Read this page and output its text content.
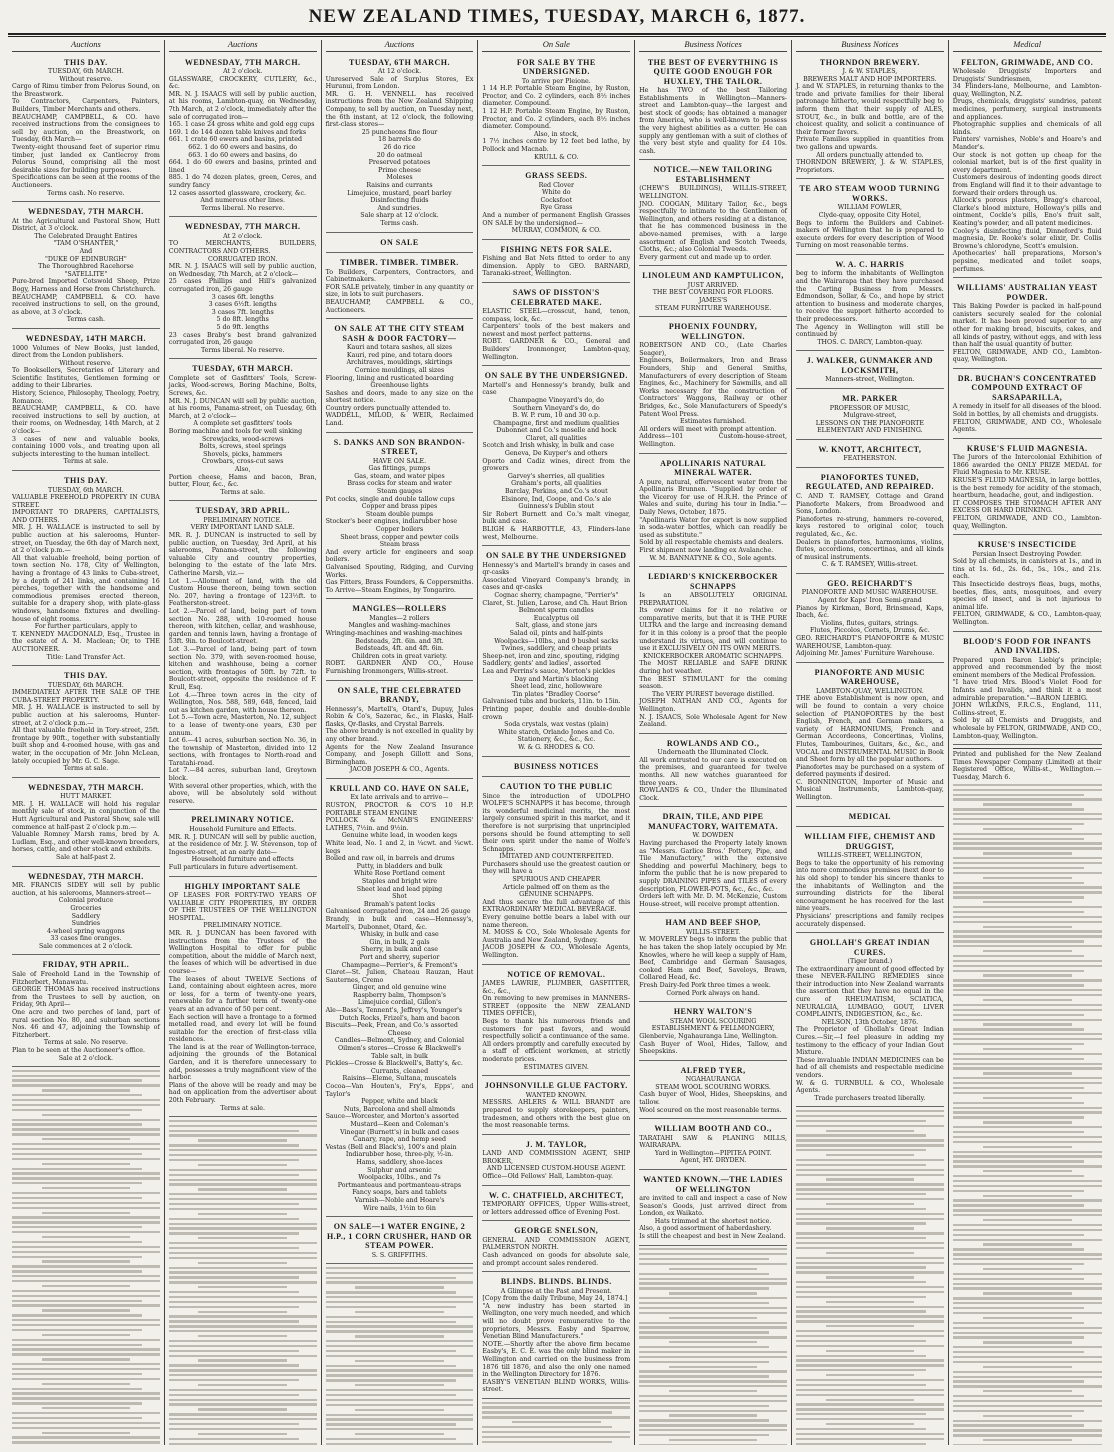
NEW ZEALAND TIMES, TUESDAY, MARCH 6, 1877.
Auctions
THIS DAY.
TUESDAY, 6th MARCH.
Without reserve.
Cargo of Rimu timber from Pelorus Sound, on the Breastwork.
To Contractors, Carpenters, Painters, Builders, Timber Merchants and others.
BEAUCHAMP, CAMPBELL, & CO. have received instructions from the consignees to sell by auction, on the Breastwork, on Tuesday, 6th March—
Twenty-eight thousand feet of superior rimu timber, just landed ex Cantlecroy from Pelorus Sound, comprising all the most desirable sizes for building purposes.
Specifications can be seen at the rooms of the Auctioneers.
Terms cash. No reserve.
WEDNESDAY, 7TH MARCH.
At the Agricultural and Pastoral Show, Hutt District, at 3 o'clock.
The Celebrated Draught Entires
"TAM O'SHANTER,"
And
"DUKE OF EDINBURGH"
The Thoroughbred Racehorse
"SATELLITE"
Pure-bred Imported Cotswold Sheep, Prize Bogy, Harness and Horse from Christchurch.
BEAUCHAMP, CAMPBELL & CO. have received instructions to sell, on the ground, as above, at 3 o'clock.
Terms cash.
WEDNESDAY, 14TH MARCH.
1000 Volumes of New Books, just landed, direct from the London publishers.
Without reserve.
To Booksellers, Secretaries of Literary and Scientific Institutes, Gentlemen forming or adding to their Libraries.
History, Science, Philosophy, Theology, Poetry, Romance.
BEAUCHAMP, CAMPBELL, & CO. have received instructions to sell by auction, at their rooms, on Wednesday, 14th March, at 2 o'clock—
3 cases of new and valuable books, containing 1000 vols., and treating upon all subjects interesting to the human intellect.
Terms at sale.
THIS DAY.
TUESDAY, 6th MARCH.
VALUABLE FREEHOLD PROPERTY IN CUBA STREET.
IMPORTANT TO DRAPERS, CAPITALISTS, AND OTHERS.
MR. J. H. WALLACE is instructed to sell by public auction at his salerooms, Hunter-street, on Tuesday, the 6th day of March next, at 2 o'clock p.m.—
All that valuable freehold, being portion of town section No. 178, City of Wellington, having a frontage of 43 links to Cuba-street, by a depth of 241 links, and containing 16 perches, together with the handsome and commodious premises erected thereon, suitable for a drapery shop, with plate-glass windows, handsome fixtures and dwelling-house of eight rooms.
For further particulars, apply to
T. KENNEDY MACDONALD, Esq., Trustee in the estate of A. M. Maclean; Or, to THE AUCTIONEER.
Title: Land Transfer Act.
THIS DAY.
TUESDAY, 6th MARCH.
IMMEDIATELY AFTER THE SALE OF THE CUBA-STREET PROPERTY.
MR. J. H. WALLACE is instructed to sell by public auction at his salerooms, Hunter-street, at 2 o'clock p.m.—
All that valuable freehold in Tory-street, 25ft. frontage by 90ft., together with substantially built shop and 4-roomed house, with gas and water, in the occupation of Mr. John McLean, lately occupied by Mr. G. C. Sage.
Terms at sale.
WEDNESDAY, 7TH MARCH.
HUTT MARKET.
MR. J. H. WALLACE will hold his regular monthly sale of stock, in conjunction of the Hutt Agricultural and Pastoral Show, sale will commence at half-past 2 o'clock p.m.—
Valuable Romney Marsh rams, bred by A. Ludlam, Esq., and other well-known breeders, horses, cattle, and other stock and exhibits.
Sale at half-past 2.
WEDNESDAY, 7TH MARCH.
MR. FRANCIS SIDEY will sell by public auction, at his salerooms, Manners-street—
Colonial produce
Groceries
Saddlery
Sundries
4-wheel spring waggons
33 cases fine oranges.
Sale commences at 2 o'clock.
FRIDAY, 9TH APRIL.
Sale of Freehold Land in the Township of Fitzherbert, Manawatu.
GEORGE THOMAS has received instructions from the Trustees to sell by auction, on Friday, 9th April—
One acre and two perches of land, part of rural section No. 80, and suburban sections Nos. 46 and 47, adjoining the Township of Fitzherbert.
Terms at sale. No reserve.
Plan to be seen at the Auctioneer's office.
Sale at 2 o'clock.
Auctions
WEDNESDAY, 7TH MARCH.
At 2 o'clock.
GLASSWARE, CROCKERY, CUTLERY, &c., &c.
MR. N. J. ISAACS will sell by public auction, at his rooms, Lambton-quay, on Wednesday, 7th March, at 2 o'clock, immediately after the sale of corrugated iron—
165. 1 case 24 gross white and gold egg cups
169. 1 do 144 dozen table knives and forks
661. 1 crate 60 ewers and basins, printed
662. 1 do 60 ewers and basins, do
663. 1 do 60 ewers and basins, do
664. 1 do 60 ewers and basins, printed and lined
885. 1 do 74 dozen plates, green, Ceres, and sundry fancy
12 cases assorted glassware, crockery, &c.
And numerous other lines.
Terms liberal. No reserve.
WEDNESDAY, 7TH MARCH.
At 2 o'clock.
TO MERCHANTS, BUILDERS, CONTRACTORS AND OTHERS.
CORRUGATED IRON.
MR. N. J. ISAACS will sell by public auction, on Wednesday, 7th March, at 2 o'clock—
25 cases Phillips and Hill's galvanized corrugated iron, 26 gauge
3 cases 6ft. lengths
3 cases 6½ft. lengths
3 cases 7ft. lengths
5 do 8ft. lengths
5 do 9ft. lengths
23 cases Braby's best brand galvanized corrugated iron, 26 gauge
Terms liberal. No reserve.
TUESDAY, 6TH MARCH.
Complete set of Gasfitters' Tools, Screw-jacks, Wood-screws, Boring Machine, Bolts, Screws, &c.
MR. N. J. DUNCAN will sell by public auction, at his rooms, Panama-street, on Tuesday, 6th March, at 2 o'clock—
A complete set gasfitters' tools
Boring machine and tools for well sinking
Screwjacks, wood-screws
Bolts, screws, steel springs
Shovels, picks, hammers
Crowbars, cross-cut saws
Also,
Portion cheese, Hams and bacon, Bran, butter, Flour, &c., &c.
Terms at sale.
TUESDAY, 3RD APRIL.
PRELIMINARY NOTICE.
VERY IMPORTANT LAND SALE.
MR. R. J. DUNCAN is instructed to sell by public auction, on Tuesday, 3rd April, at his salerooms, Panama-street, the following valuable City and country properties, belonging to the estate of the late Mrs. Catherine Marsh, viz.—
Lot 1.—Allotment of land, with the old Custom House thereon, being town section No. 207, having a frontage of 123½ft. to Featherston-street.
Lot 2.—Parcel of land, being part of town section No. 288, with 10-roomed house thereon, with kitchen, cellar, and washhouse, garden and tennis lawn, having a frontage of 53ft. 9in. to Boulcott-street.
Lot 3.—Parcel of land, being part of town section No. 379, with seven-roomed house, kitchen and washhouse, being a corner section, with frontages of 50ft. by 72ft. to Boulcott-street, opposite the residence of F. Krull, Esq.
Lot 4.—Three town acres in the city of Wellington, Nos. 588, 589, 648, fenced, laid out as kitchen garden, with house thereon.
Lot 5.—Town acre, Masterton, No. 12, subject to a lease of twenty-one years, £30 per annum.
Lot 6.—41 acres, suburban section No. 36, in the township of Masterton, divided into 12 sections, with frontages to North-road and Taratahi-road.
Lot 7.—84 acres, suburban land, Greytown block.
With several other properties, which, with the above, will be absolutely sold without reserve.
PRELIMINARY NOTICE.
Household Furniture and Effects.
MR. R. J. DUNCAN will sell by public auction, at the residence of Mr. J. W. Stevenson, top of Ingestre-street, at an early date—
Household furniture and effects
Full particulars in future advertisement.
HIGHLY IMPORTANT SALE
OF LEASES FOR FORTY-TWO YEARS OF VALUABLE CITY PROPERTIES, BY ORDER OF THE TRUSTEES OF THE WELLINGTON HOSPITAL.
PRELIMINARY NOTICE.
MR. R. J. DUNCAN has been favored with instructions from the Trustees of the Wellington Hospital to offer for public competition, about the middle of March next, the leases of which will be advertised in due course—
The leases of about TWELVE Sections of Land, containing about eighteen acres, more or less, for a term of twenty-one years, renewable for a further term of twenty-one years at an advance of 50 per cent.
Each section will have a frontage to a formed metalled road, and every lot will be found suitable for the erection of first-class villa residences.
The land is at the rear of Wellington-terrace, adjoining the grounds of the Botanical Garden, and it is therefore unnecessary to add, possesses a truly magnificent view of the harbor.
Plans of the above will be ready and may be had on application from the advertiser about 20th February.
Terms at sale.
Auctions
TUESDAY, 6TH MARCH.
At 12 o'clock.
Unreserved Sale of Surplus Stores, Ex Hurunui, from London.
MR. G. H. VENNELL has received instructions from the New Zealand Shipping Company, to sell by auction, on Tuesday next, the 6th instant, at 12 o'clock, the following first-class stores—
25 puncheons fine flour
18 barrels do
26 do rice
20 do oatmeal
Preserved potatoes
Prime cheese
Moleses
Raisins and currants
Limejuice, mustard, pearl barley
Disinfecting fluids
And sundries.
Sale sharp at 12 o'clock.
Terms cash.
ON SALE
TIMBER. TIMBER. TIMBER.
To Builders, Carpenters, Contractors, and Cabinetmakers.
FOR SALE privately, timber in any quantity or size, in lots to suit purchasers.
BEAUCHAMP, CAMPBELL & CO., Auctioneers.
ON SALE AT THE CITY STEAM SASH & DOOR FACTORY—
Kauri and totara sashes, all sizes
Kauri, red pine, and totara doors
Architraves, mouldings, skirtings
Cornice mouldings, all sizes
Flooring, lining and rusticated boarding
Greenhouse lights
Sashes and doors, made to any size on the shortest notice.
Country orders punctually attended to.
WADDELL, MILOD, & WEIR, Reclaimed Land.
S. DANKS AND SON BRANDON-STREET,
HAVE ON SALE.
Gas fittings, pumps
Gas, steam, and water pipes
Brass cocks for steam and water
Steam gauges
Pot cocks, single and double tallow cups
Copper and brass pipes
Steam double pumps
Stocker's beer engines, indiarubber hose
Copper boilers
Sheet brass, copper and pewter coils
Steam brass
And every article for engineers and soap boilers.
Galvanised Spouting, Ridging, and Curving Works.
Gas Fitters, Brass Founders, & Coppersmiths. To Arrive—Steam Engines, by Tongariro.
MANGLES—ROLLERS
Mangles—2 rollers
Mangles and washing-machines
Wringing-machines and washing-machines
Bedsteads, 2ft. 6in. and 3ft.
Bedsteads, 4ft. and 4ft. 6in.
Children cots in great variety.
ROBT. GARDNER AND CO., House Furnishing Ironmongers, Willis-street.
ON SALE, THE CELEBRATED BRANDY,
Hennessy's, Martell's, Otard's, Dupuy, Jules Robin & Co's, Sazerac, &c., in Flasks, Half-flasks, Qr-flasks, and Crystal Barrels.
The above brandy is not excelled in quality by any other brand.
Agents for the New Zealand Insurance Company, and Joseph Gillott and Sons, Birmingham.
JACOB JOSEPH & CO., Agents.
KRULL AND CO. HAVE ON SALE,
Ex late arrivals and to arrive—
RUSTON, PROCTOR & CO'S 10 H.P. PORTABLE STEAM ENGINE
POLLOCK & McNAB'S ENGINEERS' LATHES, 7½in. and 9½in.
Genuine white lead, in wooden kegs
White lead, No. 1 and 2, in ¼cwt. and ¼cwt. kegs
Boiled and raw oil, in barrels and drums
Putty, in bladders and bulk
White Rose Portland cement
Staples and bright wire
Sheet lead and lead piping
Shot
Bramah's patent locks
Galvanised corrugated iron, 24 and 26 gauge
Brandy, in bulk and case—Hennessy's, Martell's, Dubonnet, Otard, &c.
Whisky, in bulk and case
Gin, in bulk, 2 gals
Sherry, in bulk and case
Port and sherry, superior
Champagne—Perrier's, & Fremont's
Claret—St. Julien, Chateau Rauzan, Haut Sauternes, Cremo
Ginger, and old genuine wine
Raspberry balm, Thompson's
Limejuice cordial, Gillon's
Ale—Bass's, Tennent's, Jeffrey's, Younger's
Dutch Rocks, Frizel's, ham and bacon
Biscuits—Peek, Frean, and Co.'s assorted
Cheese
Candles—Belmont, Sydney, and Colonial
Oilmen's stores—Crosse & Blackwell's
Table salt, in bulk
Pickles—Crosse & Blackwell's, Batty's, &c.
Currants, cleaned
Raisins—Eleme, Sultana, muscatels
Cocoa—Van Houten's, Fry's, Epps', and Taylor's
Pepper, white and black
Nuts, Barcelona and shell almonds
Sauce—Worcester, and Morton's assorted
Mustard—Keen and Coleman's
Vinegar (Burnett's) in bulk and cases
Canary, rape, and hemp seed
Vestas (Bell and Black's), 100's and plain
Indiarubber hose, three-ply, ½-in.
Hams, saddlery, shoe-laces
Sulphur and arsenic
Woolpacks, 10lbs., and 7s
Portmanteaus and portmanteau-straps
Fancy soaps, bars and tablets
Varnish—Noble and Hoare's
Wire nails, 1½in to 6in
ON SALE—1 WATER ENGINE, 2 H.P., 1 CORN CRUSHER, HAND OR STEAM POWER.
S. S. GRIFFITHS.
On Sale
FOR SALE BY THE UNDERSIGNED.
To arrive per Pleione.
1 14 H.P. Portable Steam Engine, by Ruston, Proctor, and Co. 2 cylinders, each 8½ inches diameter. Compound.
1 12 H.P. Portable Steam Engine, by Ruston, Proctor, and Co. 2 cylinders, each 8½ inches diameter. Compound.
Also, in stock,
1 7½ inches centre by 12 feet bed lathe, by Pollock and Macnab.
KRULL & CO.
GRASS SEEDS.
Red Clover
White do
Cocksfoot
Rye Grass
And a number of permanent English Grasses ON SALE by the undersigned—
MURRAY, COMMON, & CO.
FISHING NETS FOR SALE.
Fishing and Bat Nets fitted to order to any dimension. Apply to GEO. BARNARD, Taranaki-street, Wellington.
SAWS OF DISSTON'S CELEBRATED MAKE.
ELASTIC STEEL—crosscut, hand, tenon, compass, lock, &c.
Carpenters' tools of the best makers and newest and most perfect patterns.
ROBT. GARDNER & CO., General and Builders' Ironmonger, Lambton-quay, Wellington.
ON SALE BY THE UNDERSIGNED.
Martell's and Hennessy's brandy, bulk and case
Champagne Vineyard's do, do
Southern Vineyard's do, do
B. W. P. rum, 10 and 30 o.p.
Champagne, first and medium qualities
Dubonnet and Co.'s moselle and hock
Claret, all qualities
Scotch and Irish whisky, in bulk and case
Geneva, De Kuyper's and others
Oporto and Cadiz wines, direct from the growers
Garvey's sherries, all qualities
Graham's ports, all qualities
Barclay, Perkins, and Co.'s stout
Elsinore, Ind, Coope, and Co.'s ale
Guinness's Dublin stout
Sir Robert Burnett and Co.'s malt vinegar, bulk and case.
BLIGH & HARBOTTLE, 43, Flinders-lane west, Melbourne.
ON SALE BY THE UNDERSIGNED
Hennessy's and Martell's brandy in cases and qr-casks
Associated Vineyard Company's brandy, in cases and qr-casks
Cognac sherry, champagne, "Perrier's"
Claret, St. Julien, Larose, and Ch. Haut Brion
Belmont sperm candles
Eucalyptus oil
Salt, glass, and stone jars
Salad oil, pints and half-pints
Woolpacks—10lbs., and 9 bushel sacks
Twines, saddlery, and cheap prints
Sheep-net, iron and zinc, spouting, ridging
Saddlery, gents' and ladies', assorted
Lea and Perrins's sauce, Morton's pickles
Day and Martin's blacking
Sheet lead, zinc, hollowware
Tin plates "Bradley Coorse"
Galvanised tubs and buckets, 11in. to 15in.
Printing paper, double and double-double crown
Soda crystals, wax vestas (plain)
White starch, Orlando Jones and Co.
Stationery, &c., &c., &c.
W. & G. RHODES & CO.
BUSINESS NOTICES
CAUTION TO THE PUBLIC
Since the introduction of UDOLPHO WOLFE'S SCHNAPPS it has become, through its wonderful medicinal merits, the most largely consumed spirit in this market, and it therefore is not surprising that unprincipled persons should be found attempting to sell their own spirit under the name of Wolfe's Schnapps.
IMITATED AND COUNTERFEITED.
Purchasers should use the greatest caution or they will have a
SPURIOUS AND CHEAPER
Article palmed off on them as the
GENUINE SCHNAPPS.
And thus secure the full advantage of this EXTRAORDINARY MEDICAL BEVERAGE.
Every genuine bottle bears a label with our name thereon.
M. MOSS & CO., Sole Wholesale Agents for Australia and New Zealand, Sydney.
JACOB JOSEPH & CO., Wholesale Agents, Wellington.
NOTICE OF REMOVAL.
JAMES LAWRIE, PLUMBER, GASFITTER, &c., &c.,
On removing to new premises in MANNERS-STREET (opposite the NEW ZEALAND TIMES OFFICE),
Begs to thank his numerous friends and customers for past favors, and would respectfully solicit a continuance of the same.
All orders promptly and carefully executed by a staff of efficient workmen, at strictly moderate prices.
ESTIMATES GIVEN.
JOHNSONVILLE GLUE FACTORY.
WANTED KNOWN.
MESSRS. AHLERS & WILL BRANDT are prepared to supply storekeepers, painters, tradesmen, and others with the best glue on the most reasonable terms.
J. M. TAYLOR,
LAND AND COMMISSION AGENT, SHIP BROKER,
AND LICENSED CUSTOM-HOUSE AGENT.
Office—Old Fellows' Hall, Lambton-quay.
W. C. CHATFIELD, ARCHITECT,
TEMPORARY OFFICES, Upper Willis-street, or letters addressed office of Evening Post.
GEORGE SNELSON,
GENERAL AND COMMISSION AGENT, PALMERSTON NORTH.
Cash advanced on goods for absolute sale, and prompt account sales rendered.
BLINDS. BLINDS. BLINDS.
A Glimpse at the Past and Present.
[Copy from the daily Tribune, May 24, 1874.]
"A new industry has been started in Wellington, one very much needed, and which will no doubt prove remunerative to the proprietors, Messrs. Easby and Sparrow, Venetian Blind Manufacturers."
NOTE.—Shortly after the above firm became Easby's, E. C. E. was the only blind maker in Wellington and carried on the business from 1876 till 1876, and also the only one named in the Wellington Directory for 1876.
EASBY'S VENETIAN BLIND WORKS, Willis-street.
Business Notices
THE BEST OF EVERYTHING IS QUITE GOOD ENOUGH FOR HUXLEY, THE TAILOR.
He has TWO of the best Tailoring Establishments in Wellington—Manners-street and Lambton-quay—the largest and best stock of goods; has obtained a manager from America, who is well-known to possess the very highest abilities as a cutter. He can supply any gentleman with a suit of clothes of the very best style and quality for £4 10s. cash.
NOTICE.—NEW TAILORING ESTABLISHMENT
(CHEW'S BUILDINGS), WILLIS-STREET, WELLINGTON.
JNO. COOGAN, Military Tailor, &c., begs respectfully to intimate to the Gentlemen of Wellington, and others residing at a distance, that he has commenced business in the above-named premises, with a large assortment of English and Scotch Tweeds, Cloths, &c.; also Colonial Tweeds.
Every garment cut and made up to order.
LINOLEUM AND KAMPTULICON,
JUST ARRIVED.
THE BEST COVERING FOR FLOORS.
JAMES'S
STEAM FURNITURE WAREHOUSE.
PHOENIX FOUNDRY, WELLINGTON.
ROBERTSON AND CO., (Late Charles Seager),
Engineers, Boilermakers, Iron and Brass Founders, Ship and General Smiths, Manufacturers of every description of Steam Engines, &c., Machinery for Sawmills, and all Works necessary for the construction of Contractors' Waggons, Railway or other Bridges, &c., Sole Manufacturers of Speedy's Patent Wool Press.
Estimates furnished.
All orders will meet with prompt attention.
Address—101 Custom-house-street, Wellington.
APOLLINARIS NATURAL MINERAL WATER.
A pure, natural, effervescent water from the Apollinaris Brunnen. "Supplied by order of the Viceroy for use of H.R.H. the Prince of Wales and suite, during his tour in India."—Daily News, October, 1875.
"Apollinaris Water for export is now supplied in soda-water bottles, which can readily be used as substitute."
Sold by all respectable chemists and dealers.
First shipment now landing ex Avalanche.
W. M. BANNATYNE & CO., Sole agents.
LEDIARD'S KNICKERBOCKER SCHNAPPS
Is an ABSOLUTELY ORIGINAL PREPARATION.
Its owner claims for it no relative or comparative merits, but that it is THE PURE ULTRA and the large and increasing demand for it in this colony is a proof that the people understand its virtues, and will continue to use it EXCLUSIVELY ON ITS OWN MERITS.
KNICKERBOCKER AROMATIC SCHNAPPS.
The MOST RELIABLE and SAFE DRINK during hot weather.
The BEST STIMULANT for the coming season.
The VERY PUREST beverage distilled.
JOSEPH NATHAN AND CO., Agents for Wellington.
N. J. ISAACS, Sole Wholesale Agent for New Zealand.
ROWLANDS AND CO.,
Underneath the Illuminated Clock.
All work entrusted to our care is executed on the premises, and guaranteed for twelve months. All new watches guaranteed for three years.
ROWLANDS & CO., Under the Illuminated Clock.
DRAIN, TILE, AND PIPE MANUFACTORY, WAITEMATA.
W. DOWDEN
Having purchased the Property lately known as "Messrs. Garlice Bros.' Pottery, Pipe, and Tile Manufactory," with the extensive Shedding and powerful Machinery, begs to inform the public that he is now prepared to supply DRAINING PIPES and TILES of every description, FLOWER-POTS, &c., &c., &c.
Orders left with Mr. D. M. McKenzie, Custom House-street, will receive prompt attention.
HAM AND BEEF SHOP,
WILLIS-STREET.
W. MOVERLEY begs to inform the public that he has taken the shop lately occupied by Mr. Knowles, where he will keep a supply of Ham, Beef, Cambridge and German Sausages, cooked Ham and Beef, Saveloys, Brawn, Collared Head, &c.
Fresh Dairy-fed Pork three times a week.
Corned Pork always on hand.
HENRY WALTON'S
STEAM WOOL SCOURING
ESTABLISHMENT & FELLMONGERY,
Glenbervie, Ngahauranga Line, Wellington.
Cash Buyer of Wool, Hides, Tallow, and Sheepskins.
ALFRED TYER,
NGAHAURANGA
STEAM WOOL SCOURING WORKS.
Cash buyer of Wool, Hides, Sheepskins, and tallow.
Wool scoured on the most reasonable terms.
WILLIAM BOOTH AND CO.,
TARATAHI SAW & PLANING MILLS, WAIRARAPA.
Yard in Wellington—PIPITEA POINT.
Agent, HY. DRYDEN.
WANTED KNOWN.—THE LADIES OF WELLINGTON
are invited to call and inspect a case of New Season's Goods, just arrived direct from London, ex Waikato.
Hats trimmed at the shortest notice.
Also, a good assortment of haberdashery.
Is still the cheapest and best in New Zealand.
Business Notices
THORNDON BREWERY.
J. & W. STAPLES,
BREWERS MALT AND HOP IMPORTERS.
J. and W. STAPLES, in returning thanks to the trade and private families for their liberal patronage hitherto, would respectfully beg to inform them that their supply of ALES, STOUT, &c., in bulk and bottle, are of the choicest quality, and solicit a continuance of their former favors.
Private Families supplied in quantities from two gallons and upwards.
All orders punctually attended to.
THORNDON BREWERY, J. & W. STAPLES, Proprietors.
TE ARO STEAM WOOD TURNING WORKS.
WILLIAM FOWLER,
Clyde-quay, opposite City Hotel,
Begs to inform the Builders and Cabinet-makers of Wellington that he is prepared to execute orders for every description of Wood Turning on most reasonable terms.
W. A. C. HARRIS
beg to inform the inhabitants of Wellington and the Wairarapa that they have purchased the Carting Business from Messrs. Edmondson, Sollar, & Co., and hope by strict attention to business and moderate charges, to receive the support hitherto accorded to their predecessors.
The Agency in Wellington will still be continued by
THOS. C. DARCY, Lambton-quay.
J. WALKER, GUNMAKER AND LOCKSMITH,
Manners-street, Wellington.
MR. PARKER
PROFESSOR OF MUSIC,
Mulgrave-street,
LESSONS ON THE PIANOFORTE
ELEMENTARY AND FINISHING.
W. KNOTT, ARCHITECT,
FEATHERSTON.
PIANOFORTES TUNED, REGULATED, AND REPAIRED.
C. AND T. RAMSEY, Cottage and Grand Pianoforte Makers, from Broadwood and Sons, London.
Pianofortes re-strung, hammers re-covered, keys restored to original color, touch regulated, &c., &c.
Dealers in pianofortes, harmoniums, violins, flutes, accordions, concertinas, and all kinds of musical instruments.
C. & T. RAMSEY, Willis-street.
GEO. REICHARDT'S
PIANOFORTE AND MUSIC WAREHOUSE.
Agent for Kaps' Iron Semi-grand
Pianos by Kirkman, Bord, Brinsmead, Kaps, Ibach, &c.
Violins, flutes, guitars, strings.
Flutes, Piccolos, Cornets, Drums, &c.
GEO. REICHARDT'S PIANOFORTE & MUSIC WAREHOUSE, Lambton-quay.
Adjoining Mr. James' Furniture Warehouse.
PIANOFORTE AND MUSIC WAREHOUSE,
LAMBTON-QUAY, WELLINGTON.
THE above Establishment is now open, and will be found to contain a very choice selection of PIANOFORTES by the best English, French, and German makers, a variety of HARMONIUMS, French and German Accordeons, Concertinas, Violins, Flutes, Tambourines, Guitars, &c., &c., and VOCAL and INSTRUMENTAL MUSIC in Book and Sheet form by all the popular authors.
Pianofortes may be purchased on a system of deferred payments if desired.
C. BONNINGTON, Importer of Music and Musical Instruments, Lambton-quay, Wellington.
MEDICAL
WILLIAM FIFE, CHEMIST AND DRUGGIST,
WILLIS-STREET, WELLINGTON,
Begs to take the opportunity of his removing into more commodious premises (next door to his old shop) to tender his sincere thanks to the inhabitants of Wellington and the surrounding districts for the liberal encouragement he has received for the last nine years.
Physicians' prescriptions and family recipes accurately dispensed.
GHOLLAH'S GREAT INDIAN CURES.
(Tiger brand.)
The extraordinary amount of good effected by these NEVER-FAILING REMEDIES since their introduction into New Zealand warrants the assertion that they have no equal in the cure of RHEUMATISM, SCIATICA, NEURALGIA, LUMBAGO, GOUT, LIVER COMPLAINTS, INDIGESTION, &c., &c.
NELSON, 13th October, 1876.
The Proprietor of Ghollah's Great Indian Cures.—Sir,—I feel pleasure in adding my testimony to the efficacy of your Indian Gout Mixture.
These invaluable INDIAN MEDICINES can be had of all chemists and respectable medicine vendors.
W. & G. TURNBULL & CO., Wholesale Agents.
Trade purchasers treated liberally.
Medical
FELTON, GRIMWADE, AND CO.
Wholesale Druggists' Importers and Druggists' Sundriesmen,
34 Flinders-lane, Melbourne, and Lambton-quay, Wellington, N.Z.
Drugs, chemicals, druggists' sundries, patent medicines, perfumery, surgical instruments and appliances.
Photographic supplies and chemicals of all kinds.
Painters' varnishes, Noble's and Hoare's and Mander's.
Our stock is not gotten up cheap for the colonial market, but is of the first quality in every department.
Customers desirous of indenting goods direct from England will find it to their advantage to forward their orders through us.
Allcock's porous plasters, Bragg's charcoal, Clarke's blood mixture, Holloway's pills and ointment, Cockle's pills, Eno's fruit salt, Keating's powder, and all patent medicines.
Cooley's disinfecting fluid, Dinneford's fluid magnesia, Dr. Rooke's solar elixir, Dr. Collis Browne's chlorodyne, Scott's emulsion.
Apothecaries' hall preparations, Morson's pepsine, medicated and toilet soaps, perfumes.
WILLIAMS' AUSTRALIAN YEAST POWDER.
This Baking Powder is packed in half-pound canisters securely sealed for the colonial market. It has been proved superior to any other for making bread, biscuits, cakes, and all kinds of pastry, without eggs, and with less than half the usual quantity of butter.
FELTON, GRIMWADE, AND CO., Lambton-quay, Wellington.
DR. BUCHAN'S CONCENTRATED COMPOUND EXTRACT OF SARSAPARILLA,
A remedy in itself for all diseases of the blood.
Sold in bottles, by all chemists and druggists.
FELTON, GRIMWADE, AND CO., Wholesale Agents.
KRUSE'S FLUID MAGNESIA.
The Jurors of the Intercolonial Exhibition of 1866 awarded the ONLY PRIZE MEDAL for Fluid Magnesia to Mr. KRUSE.
KRUSE'S FLUID MAGNESIA, in large bottles, is the best remedy for acidity of the stomach, heartburn, headache, gout, and indigestion.
IT COMPOSES THE STOMACH AFTER ANY EXCESS OR HARD DRINKING.
FELTON, GRIMWADE, AND CO., Lambton-quay, Wellington.
KRUSE'S INSECTICIDE
Persian Insect Destroying Powder.
Sold by all chemists, in canisters at 1s., and in tins at 1s. 6d., 2s. 6d., 5s., 10s., and 21s. each.
This Insecticide destroys fleas, bugs, moths, beetles, flies, ants, mosquitoes, and every species of insect, and is not injurious to animal life.
FELTON, GRIMWADE, & CO., Lambton-quay, Wellington.
BLOOD'S FOOD FOR INFANTS AND INVALIDS.
Prepared upon Baron Liebig's principle; approved and recommended by the most eminent members of the Medical Profession.
"I have tried Mrs. Blood's Violet Food for Infants and Invalids, and think it a most admirable preparation."—BARON LIEBIG.
JOHN WILKINS, F.R.C.S., England, 111, Collins-street, E.
Sold by all Chemists and Druggists, and wholesale by FELTON, GRIMWADE, AND CO., Lambton-quay, Wellington.
Printed and published for the New Zealand Times Newspaper Company (Limited) at their Registered Office, Willis-st., Wellington.—Tuesday, March 6.
